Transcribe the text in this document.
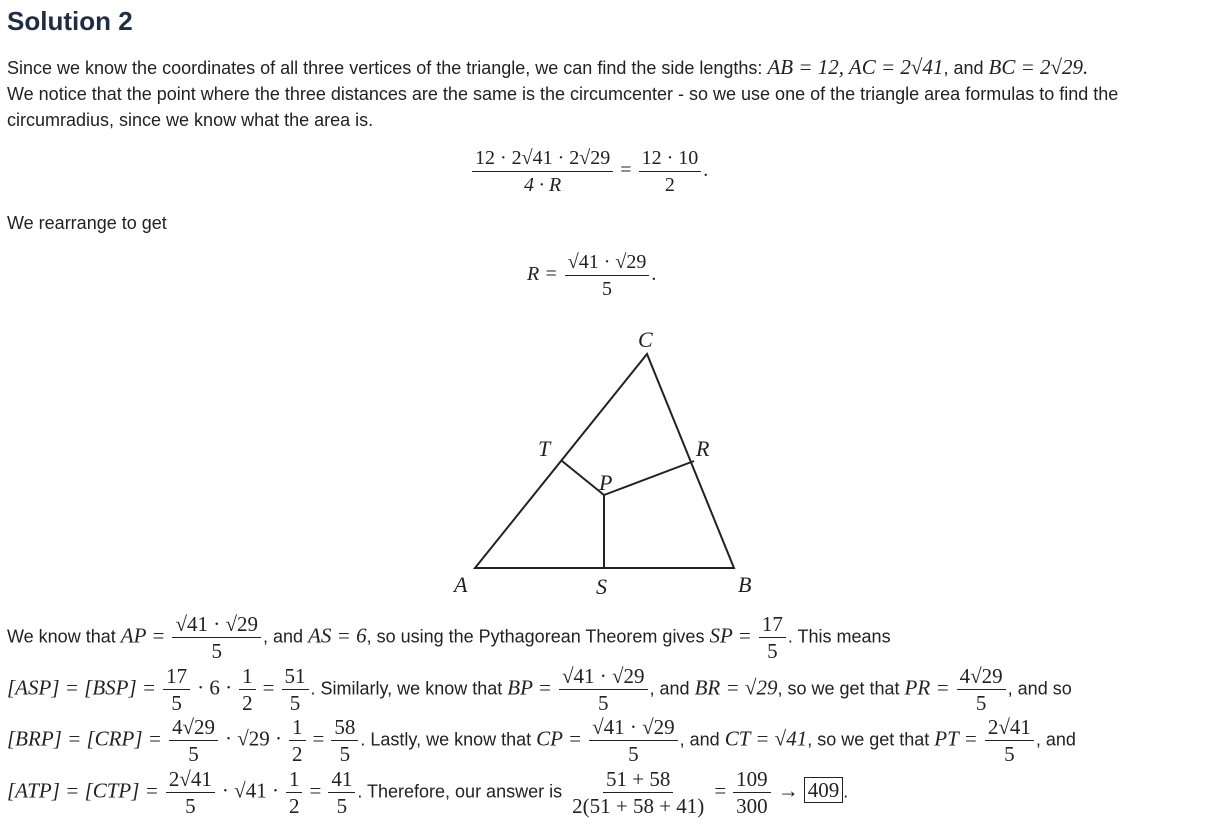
Solution 2
Since we know the coordinates of all three vertices of the triangle, we can find the side lengths: AB = 12, AC = 2√41, and BC = 2√29.
We notice that the point where the three distances are the same is the circumcenter - so we use one of the triangle area formulas to find the
circumradius, since we know what the area is.
$\frac{12 \cdot 2√41 \cdot 2√29}{4 \cdot R} = \frac{12 \cdot 10}{2}$ .
We rearrange to get
$R = \frac{√41 \cdot √29}{5}$ .
C
T	R
P
A	S	B
We know that AP = $\frac{√41 \cdot √29}{5}$ , and AS = 6, so using the Pythagorean Theorem gives SP = $\frac{17}{5}$ . This means
$[ASP] = [BSP] = \frac{17}{5} \cdot 6 \cdot \frac{1}{2} = \frac{51}{5}$ . Similarly, we know that BP = $\frac{√41 \cdot √29}{5}$ , and BR = √29, so we get that PR = $\frac{4√29}{5}$ , and so
$[BRP] = [CRP] = \frac{4√29}{5} \cdot √29 \cdot \frac{1}{2} = \frac{58}{5}$ . Lastly, we know that CP = $\frac{√41 \cdot √29}{5}$ , and CT = √41, so we get that PT = $\frac{2√41}{5}$ , and
$[ATP] = [CTP] = \frac{2√41}{5} \cdot √41 \cdot \frac{1}{2} = \frac{41}{5}$ . Therefore, our answer is $\frac{51 + 58}{2(51 + 58 + 41)} = \frac{109}{300} \to 409$ .
